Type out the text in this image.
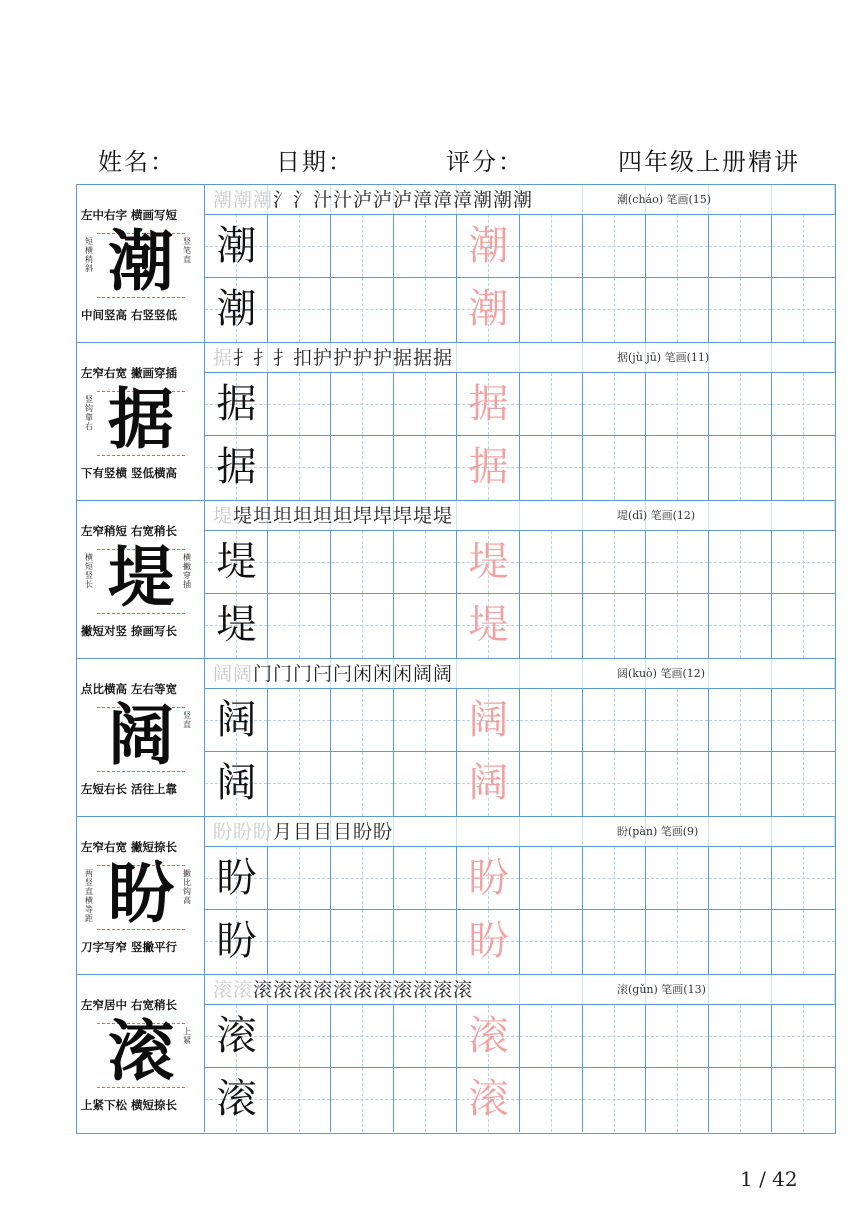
姓名：	日期：	评分：	四年级上册精讲
左中右字 横画写短
短横稍斜 潮	竖笔直
中间竖高 右竖竖低
潮潮潮氵氵汁汁泸泸泸漳漳漳潮潮潮	潮(cháo) 笔画(15)
潮	潮
潮	潮
左窄右宽 撇画穿插
竖钩靠右 据
下有竖横 竖低横高
据扌扌扌扣护护护护据据据	据(jù jū) 笔画(11)
据	据
据	据
左窄稍短 右宽稍长
横短竖长 堤	横撇穿插
撇短对竖 捺画写长
堤堤坦坦坦坦坦垾垾垾堤堤	堤(dī) 笔画(12)
堤	堤
堤	堤
点比横高 左右等宽
阔	竖直
左短右长 活往上靠
阔阔门门门闩闩闲闲闲阔阔	阔(kuò) 笔画(12)
阔	阔
阔	阔
左窄右宽 撇短捺长
两竖直横等距 盼	撇比钩高
刀字写窄 竖撇平行
盼盼盼月目目目盼盼	盼(pàn) 笔画(9)
盼	盼
盼	盼
左窄居中 右宽稍长
滚	上紧
上紧下松 横短捺长
滚滚滚滚滚滚滚滚滚滚滚滚滚	滚(gǔn) 笔画(13)
滚	滚
滚	滚
1 / 42
